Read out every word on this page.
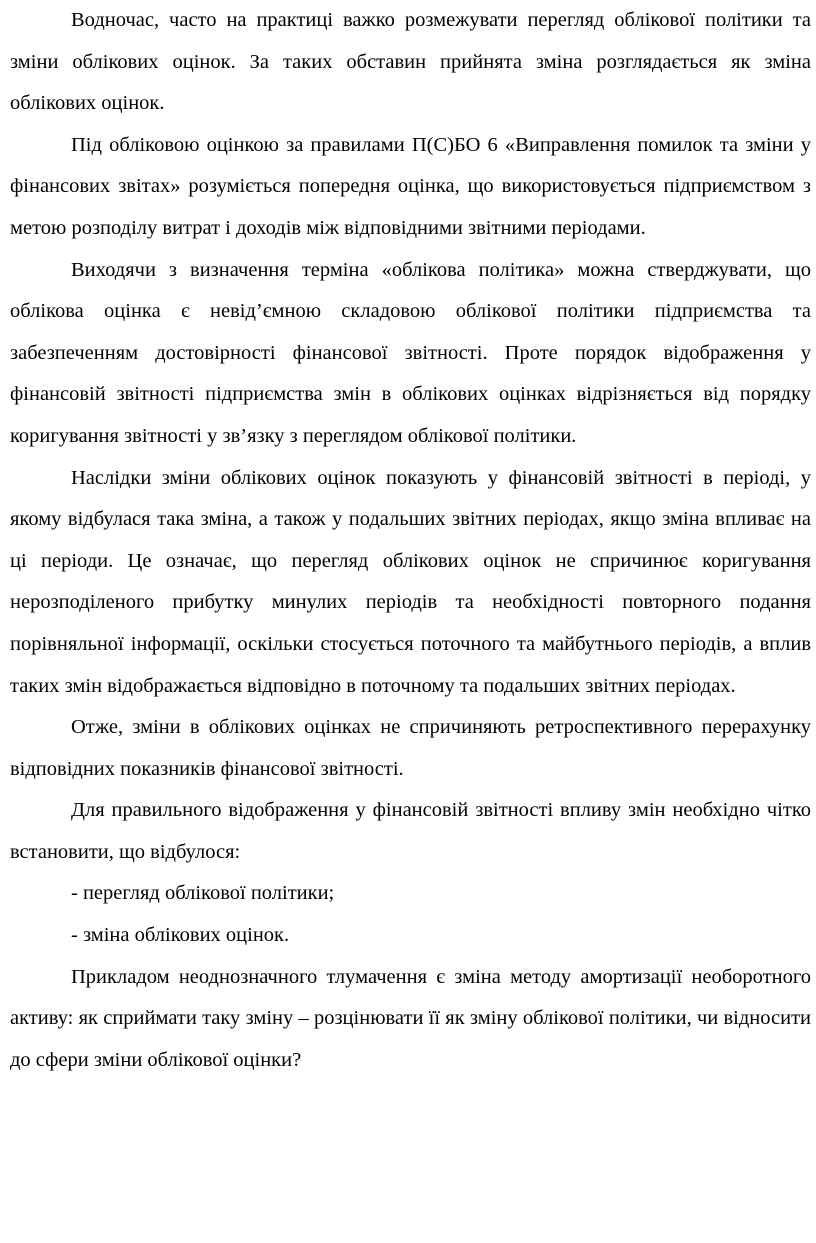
Водночас, часто на практиці важко розмежувати перегляд облікової політики та зміни облікових оцінок. За таких обставин прийнята зміна розглядається як зміна облікових оцінок.

Під обліковою оцінкою за правилами П(С)БО 6 «Виправлення помилок та зміни у фінансових звітах» розуміється попередня оцінка, що використовується підприємством з метою розподілу витрат і доходів між відповідними звітними періодами.

Виходячи з визначення терміна «облікова політика» можна стверджувати, що облікова оцінка є невід’ємною складовою облікової політики підприємства та забезпеченням достовірності фінансової звітності. Проте порядок відображення у фінансовій звітності підприємства змін в облікових оцінках відрізняється від порядку коригування звітності у зв’язку з переглядом облікової політики.

Наслідки зміни облікових оцінок показують у фінансовій звітності в періоді, у якому відбулася така зміна, а також у подальших звітних періодах, якщо зміна впливає на ці періоди. Це означає, що перегляд облікових оцінок не спричинює коригування нерозподіленого прибутку минулих періодів та необхідності повторного подання порівняльної інформації, оскільки стосується поточного та майбутнього періодів, а вплив таких змін відображається відповідно в поточному та подальших звітних періодах.

Отже, зміни в облікових оцінках не спричиняють ретроспективного перерахунку відповідних показників фінансової звітності.

Для правильного відображення у фінансовій звітності впливу змін необхідно чітко встановити, що відбулося:

- перегляд облікової політики;

- зміна облікових оцінок.

Прикладом неоднозначного тлумачення є зміна методу амортизації необоротного активу: як сприймати таку зміну – розцінювати її як зміну облікової політики, чи відносити до сфери зміни облікової оцінки?
